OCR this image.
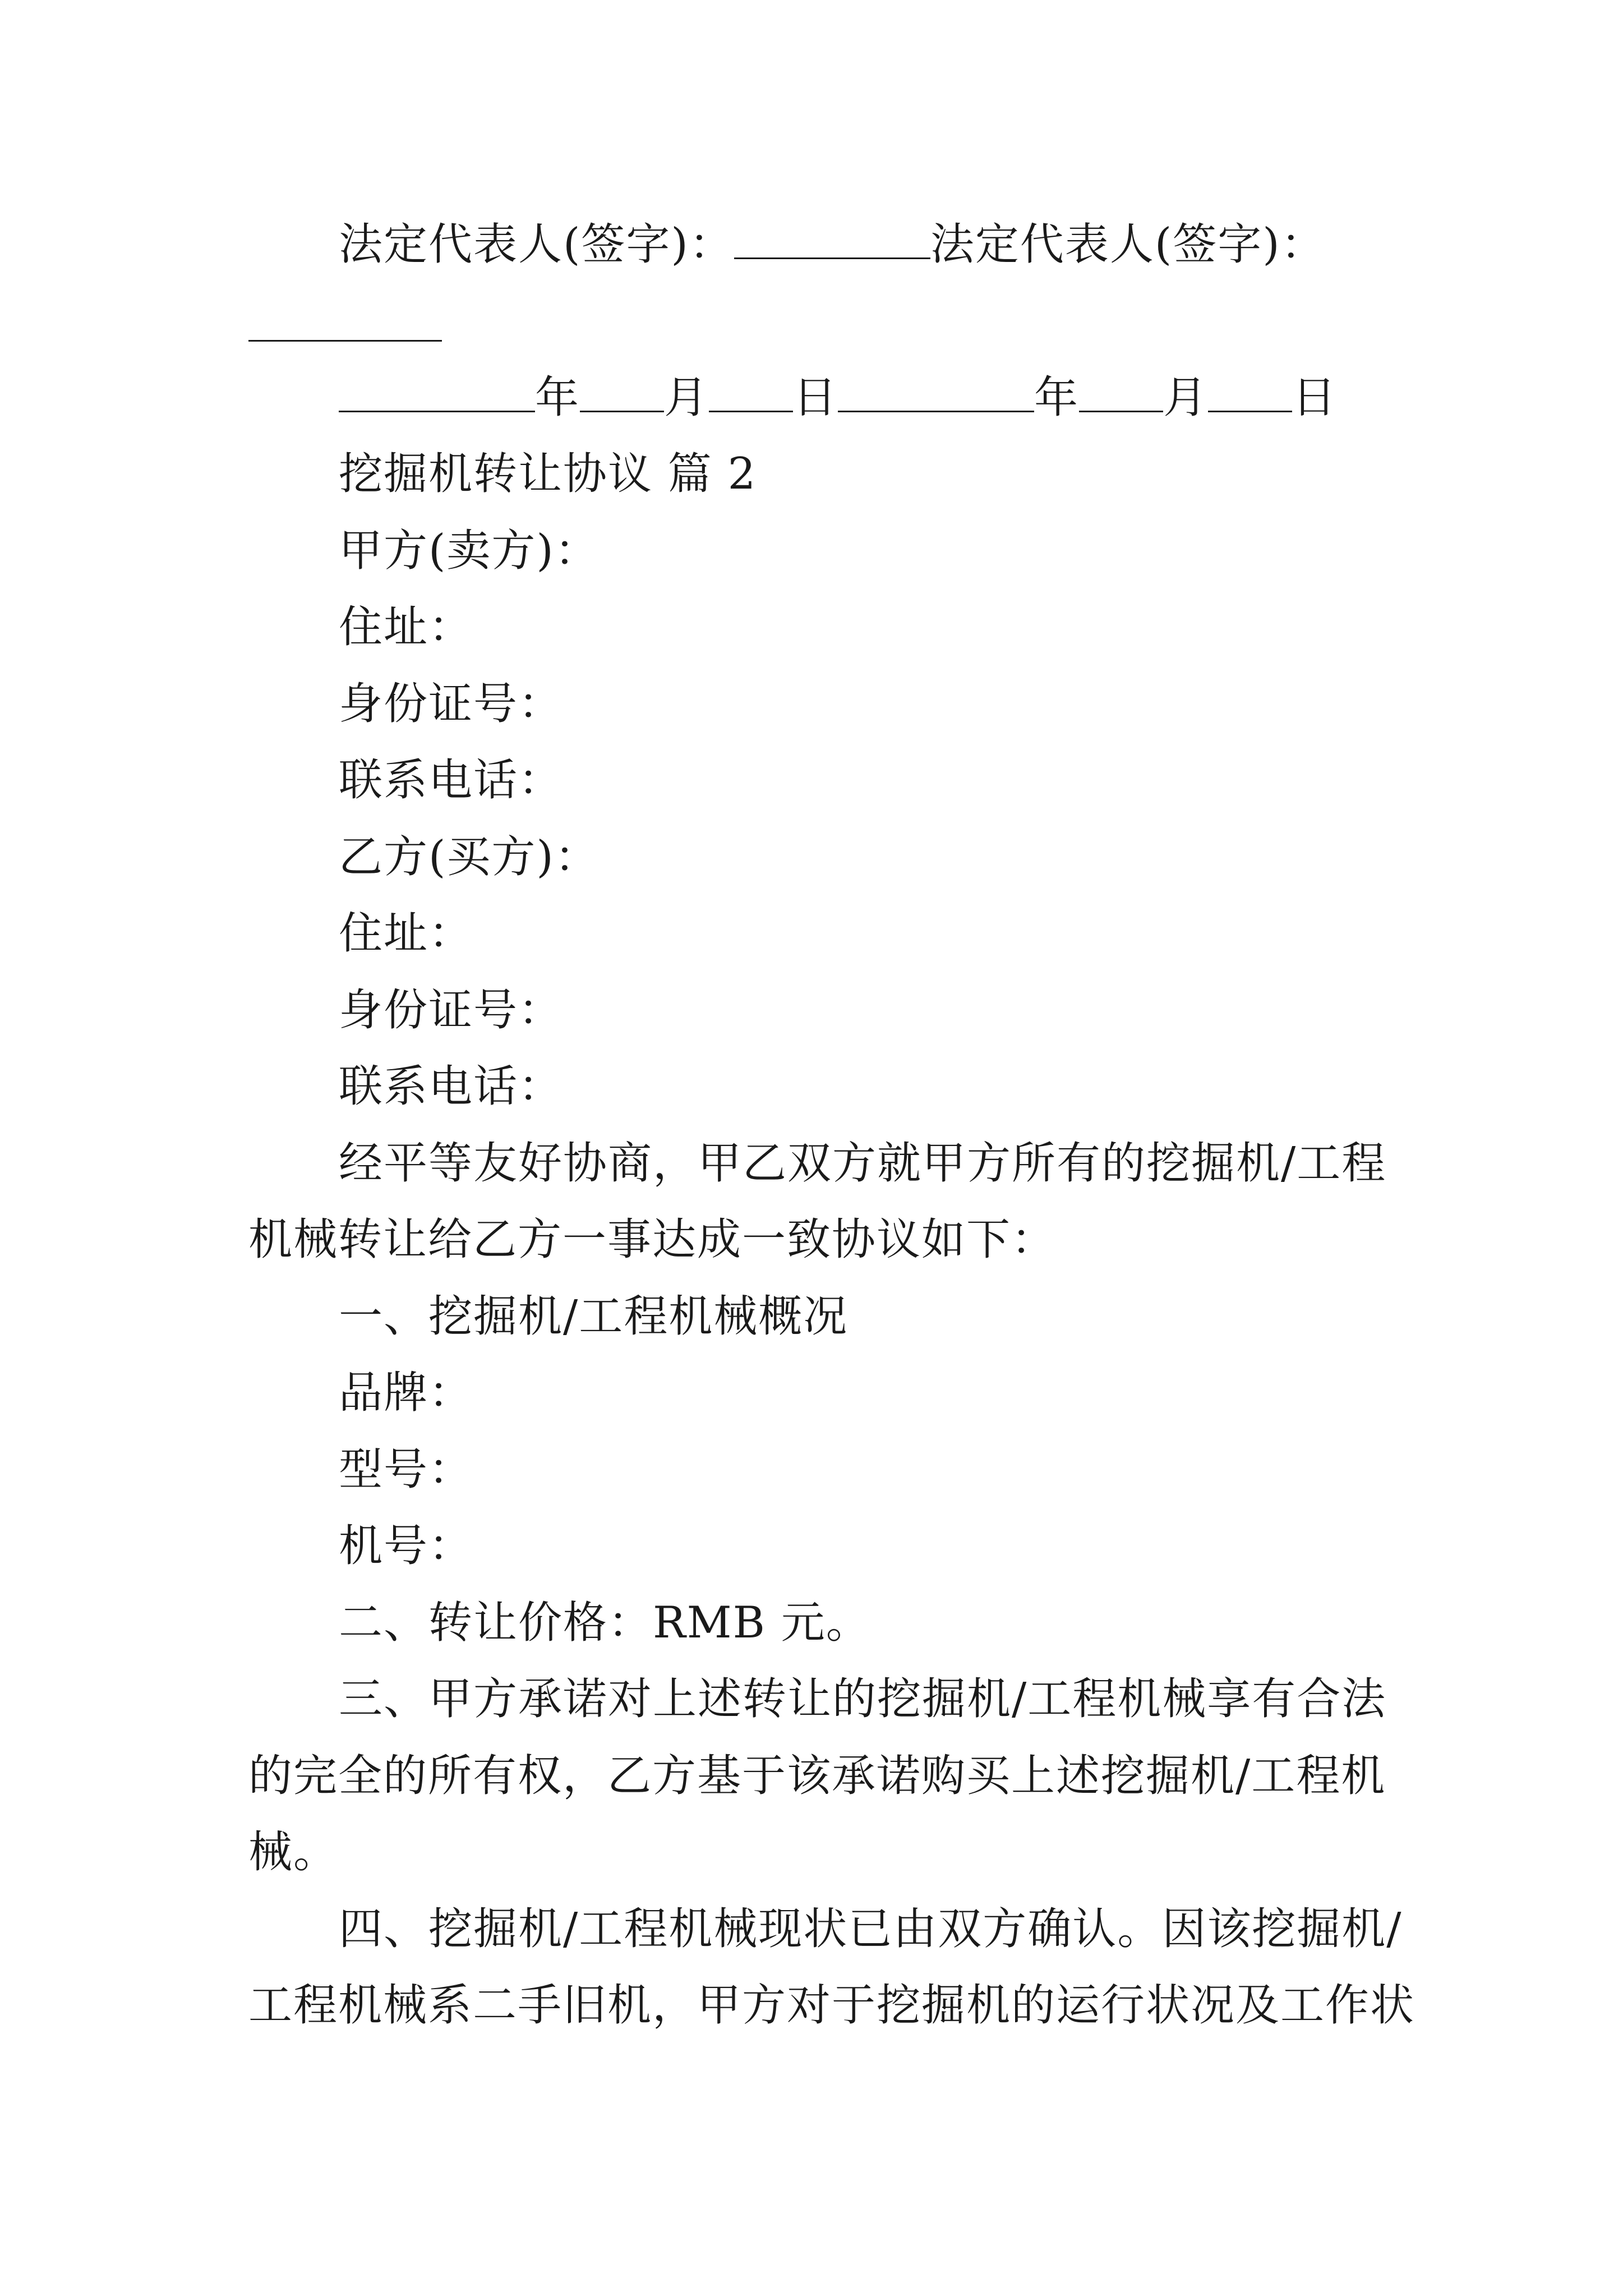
法定代表人(签字)：	法定代表人(签字)：
年 月 日	年 月 日
挖掘机转让协议 篇 2
甲方(卖方)：
住址：
身份证号：
联系电话：
乙方(买方)：
住址：
身份证号：
联系电话：
经平等友好协商，甲乙双方就甲方所有的挖掘机/工程
机械转让给乙方一事达成一致协议如下：
一、挖掘机/工程机械概况
品牌：
型号：
机号：
二、转让价格：RMB 元。
三、甲方承诺对上述转让的挖掘机/工程机械享有合法
的完全的所有权，乙方基于该承诺购买上述挖掘机/工程机
械。
四、挖掘机/工程机械现状已由双方确认。因该挖掘机/
工程机械系二手旧机，甲方对于挖掘机的运行状况及工作状
